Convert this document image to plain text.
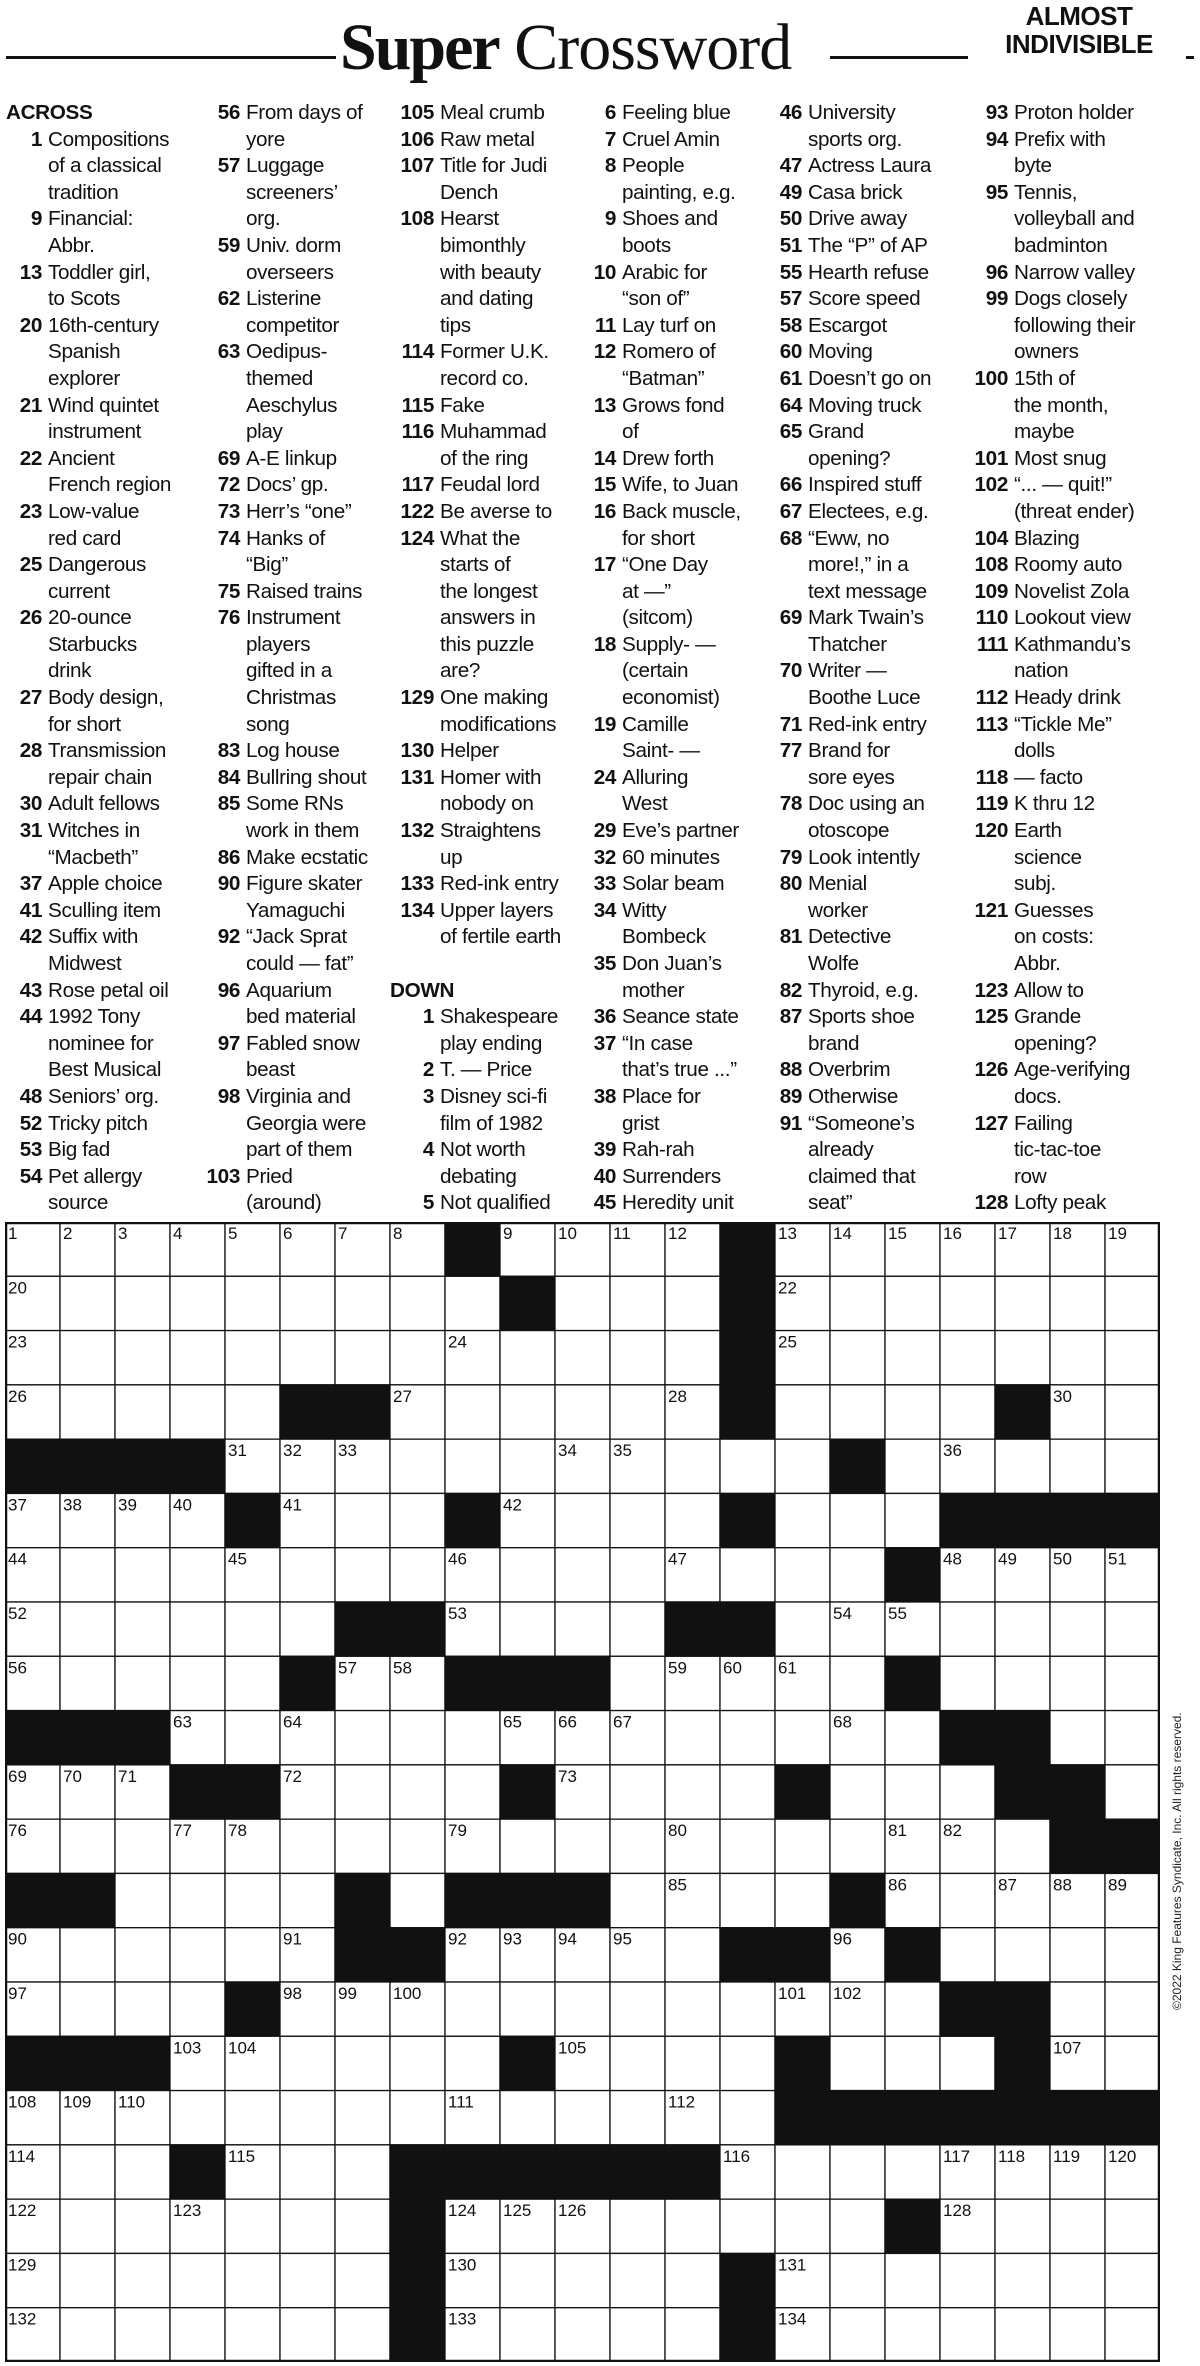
Super Crossword	ALMOST
INDIVISIBLE
ACROSS
1 Compositions
of a classical
tradition
9 Financial:
Abbr.
13 Toddler girl,
to Scots
20 16th-century
Spanish
explorer
21 Wind quintet
instrument
22 Ancient
French region
23 Low-value
red card
25 Dangerous
current
26 20-ounce
Starbucks
drink
27 Body design,
for short
28 Transmission
repair chain
30 Adult fellows
31 Witches in
“Macbeth”
37 Apple choice
41 Sculling item
42 Suffix with
Midwest
43 Rose petal oil
44 1992 Tony
nominee for
Best Musical
48 Seniors’ org.
52 Tricky pitch
53 Big fad
54 Pet allergy
source
56 From days of
yore
57 Luggage
screeners’
org.
59 Univ. dorm
overseers
62 Listerine
competitor
63 Oedipus-
themed
Aeschylus
play
69 A-E linkup
72 Docs’ gp.
73 Herr’s “one”
74 Hanks of
“Big”
75 Raised trains
76 Instrument
players
gifted in a
Christmas
song
83 Log house
84 Bullring shout
85 Some RNs
work in them
86 Make ecstatic
90 Figure skater
Yamaguchi
92 “Jack Sprat
could — fat”
96 Aquarium
bed material
97 Fabled snow
beast
98 Virginia and
Georgia were
part of them
103 Pried
(around)
105 Meal crumb
106 Raw metal
107 Title for Judi
Dench
108 Hearst
bimonthly
with beauty
and dating
tips
114 Former U.K.
record co.
115 Fake
116 Muhammad
of the ring
117 Feudal lord
122 Be averse to
124 What the
starts of
the longest
answers in
this puzzle
are?
129 One making
modifications
130 Helper
131 Homer with
nobody on
132 Straightens
up
133 Red-ink entry
134 Upper layers
of fertile earth
DOWN
1 Shakespeare
play ending
2 T. — Price
3 Disney sci-fi
film of 1982
4 Not worth
debating
5 Not qualified
6 Feeling blue
7 Cruel Amin
8 People
painting, e.g.
9 Shoes and
boots
10 Arabic for
“son of”
11 Lay turf on
12 Romero of
“Batman”
13 Grows fond
of
14 Drew forth
15 Wife, to Juan
16 Back muscle,
for short
17 “One Day
at —”
(sitcom)
18 Supply- —
(certain
economist)
19 Camille
Saint- —
24 Alluring
West
29 Eve’s partner
32 60 minutes
33 Solar beam
34 Witty
Bombeck
35 Don Juan’s
mother
36 Seance state
37 “In case
that’s true ...”
38 Place for
grist
39 Rah-rah
40 Surrenders
45 Heredity unit
46 University
sports org.
47 Actress Laura
49 Casa brick
50 Drive away
51 The “P” of AP
55 Hearth refuse
57 Score speed
58 Escargot
60 Moving
61 Doesn’t go on
64 Moving truck
65 Grand
opening?
66 Inspired stuff
67 Electees, e.g.
68 “Eww, no
more!,” in a
text message
69 Mark Twain’s
Thatcher
70 Writer —
Boothe Luce
71 Red-ink entry
77 Brand for
sore eyes
78 Doc using an
otoscope
79 Look intently
80 Menial
worker
81 Detective
Wolfe
82 Thyroid, e.g.
87 Sports shoe
brand
88 Overbrim
89 Otherwise
91 “Someone’s
already
claimed that
seat”
93 Proton holder
94 Prefix with
byte
95 Tennis,
volleyball and
badminton
96 Narrow valley
99 Dogs closely
following their
owners
100 15th of
the month,
maybe
101 Most snug
102 “... — quit!”
(threat ender)
104 Blazing
108 Roomy auto
109 Novelist Zola
110 Lookout view
111 Kathmandu’s
nation
112 Heady drink
113 “Tickle Me”
dolls
118 — facto
119 K thru 12
120 Earth
science
subj.
121 Guesses
on costs:
Abbr.
123 Allow to
125 Grande
opening?
126 Age-verifying
docs.
127 Failing
tic-tac-toe
row
128 Lofty peak
1	2	3	4	5	6	7	8	9	10 11 12	13 14 15 16 17 18 19
20	22
23	24	25
26	27	28	30
31 32 33	34 35	36
37 38 39 40	41	42
44	45	46	47	48 49 50 51
52	53	54 55
56	57 58	59 60 61
63	64	65 66 67	68
69 70 71	72	73
76	77 78	79	80	81 82
85	86	87 88 89
90	91	92 93 94 95	96
97	98 99 100	101 102
103 104	105	107
108 109 110	111	112
114	115	116	117 118 119 120
122	123	124 125 126	128
129	130	131
132	133	134
©2022 King Features Syndicate, Inc. All rights reserved.
